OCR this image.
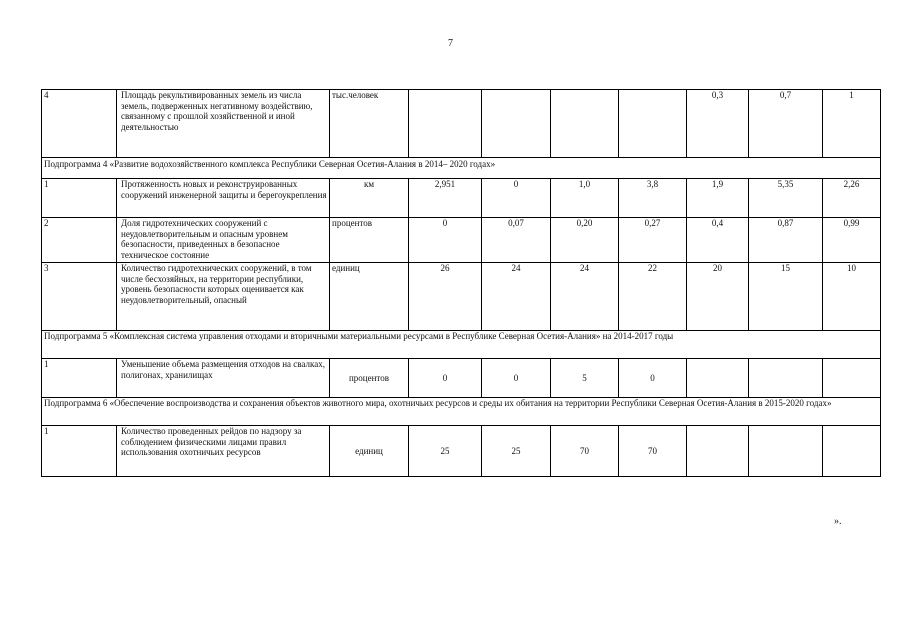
7
4	Площадь рекультивированных земель из числа земель, подверженных негативному воздействию, связанному с прошлой хозяйственной и иной деятельностью	тыс.человек					0,3	0,7	1
Подпрограмма 4 «Развитие водохозяйственного комплекса Республики Северная Осетия-Алания в 2014– 2020 годах»									
1	Протяженность новых и реконструированных сооружений инженерной защиты и берегоукрепления	км	2,951	0	1,0	3,8	1,9	5,35	2,26
2	Доля гидротехнических сооружений с неудовлетворительным и опасным уровнем безопасности, приведенных в безопасное техническое состояние	процентов	0	0,07	0,20	0,27	0,4	0,87	0,99
3	Количество гидротехнических сооружений, в том числе бесхозяйных, на территории республики, уровень безопасности которых оценивается как неудовлетворительный, опасный	единиц	26	24	24	22	20	15	10
Подпрограмма 5 «Комплексная система управления отходами и вторичными материальными ресурсами в Республике Северная Осетия-Алания» на 2014-2017 годы									
1	Уменьшение объема размещения отходов на свалках, полигонах, хранилищах	процентов	0	0	5	0			
Подпрограмма 6 «Обеспечение воспроизводства и сохранения объектов животного мира, охотничьих ресурсов и среды их обитания на территории Республики Северная Осетия-Алания в 2015-2020 годах»									
1	Количество проведенных рейдов по надзору за соблюдением физическими лицами правил использования охотничьих ресурсов	единиц	25	25	70	70			
».
